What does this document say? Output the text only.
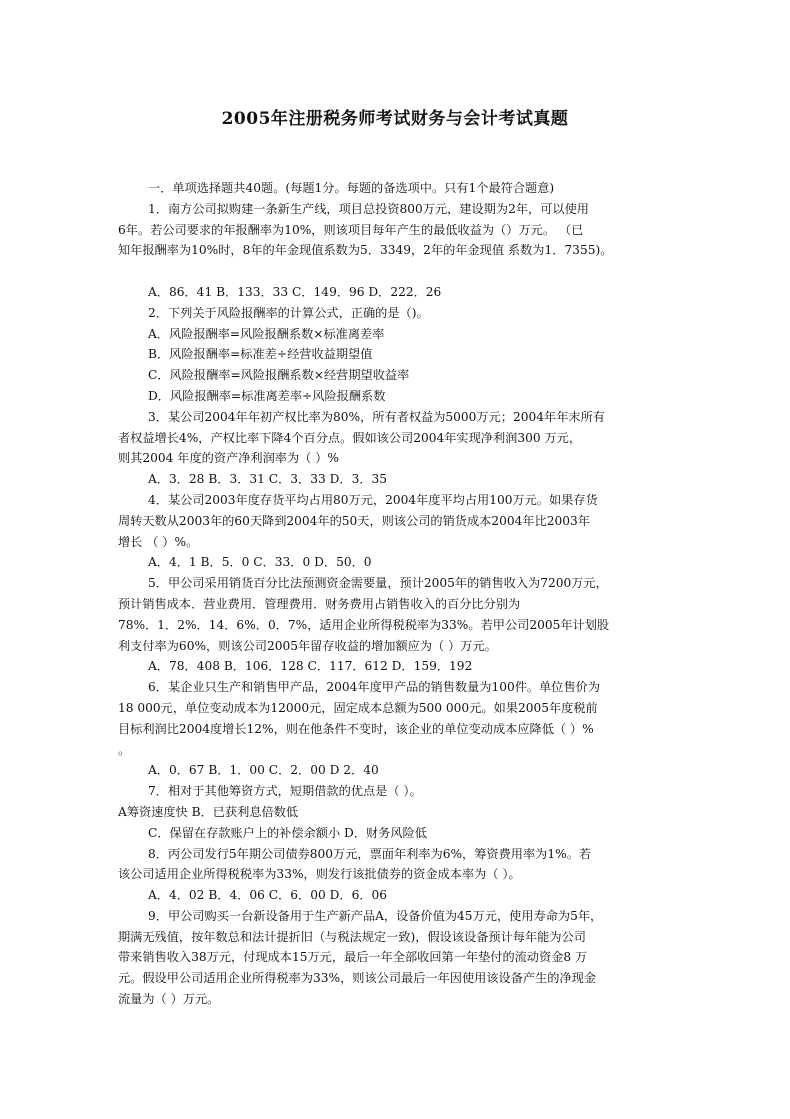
2005年注册税务师考试财务与会计考试真题
一．单项选择题共40题。(每题1分。每题的备选项中。只有1个最符合题意)
1．南方公司拟购建一条新生产线，项目总投资800万元，建设期为2年，可以使用
6年。若公司要求的年报酬率为10%，则该项目每年产生的最低收益为（）万元。 （已
知年报酬率为10%时，8年的年金现值系数为5．3349，2年的年金现值 系数为1．7355)。
A．86．41 B．133．33 C．149．96 D．222．26
2．下列关于风险报酬率的计算公式，正确的是（)。
A．风险报酬率=风险报酬系数×标准离差率
B．风险报酬率=标准差÷经营收益期望值
C．风险报酬率=风险报酬系数×经营期望收益率
D．风险报酬率=标准离差率÷风险报酬系数
3．某公司2004年年初产权比率为80%，所有者权益为5000万元；2004年年末所有
者权益增长4%，产权比率下降4个百分点。假如该公司2004年实现净利润300 万元，
则其2004 年度的资产净利润率为（ ）%
A．3．28 B．3．31 C．3．33 D．3．35
4．某公司2003年度存货平均占用80万元，2004年度平均占用100万元。如果存货
周转天数从2003年的60天降到2004年的50天，则该公司的销货成本2004年比2003年
增长 （ ）%。
A．4．1 B．5．0 C．33．0 D．50．0
5．甲公司采用销货百分比法预测资金需要量，预计2005年的销售收入为7200万元，
预计销售成本．营业费用．管理费用．财务费用占销售收入的百分比分别为
78%．1．2%．14．6%．0．7%，适用企业所得税税率为33%。若甲公司2005年计划股
利支付率为60%，则该公司2005年留存收益的增加额应为（ ）万元。
A．78．408 B．106．128 C．117．612 D．159．192
6．某企业只生产和销售甲产品，2004年度甲产品的销售数量为100件。单位售价为
18 000元，单位变动成本为12000元，固定成本总额为500 000元。如果2005年度税前
目标利润比2004度增长12%，则在他条件不变时，该企业的单位变动成本应降低（ ）%
。
A．0．67 B．1．00 C．2．00 D 2．40
7．相对于其他筹资方式，短期借款的优点是（ ）。
A筹资速度快 B．已获利息倍数低
C．保留在存款账户上的补偿余额小 D．财务风险低
8．丙公司发行5年期公司债券800万元，票面年利率为6%，筹资费用率为1%。若
该公司适用企业所得税税率为33%，则发行该批债券的资金成本率为（ ）。
A．4．02 B．4．06 C．6．00 D．6．06
9．甲公司购买一台新设备用于生产新产品A，设备价值为45万元，使用寿命为5年，
期满无残值，按年数总和法计提折旧（与税法规定一致)，假设该设备预计每年能为公司
带来销售收入38万元，付现成本15万元，最后一年全部收回第一年垫付的流动资金8 万
元。假设甲公司适用企业所得税率为33%，则该公司最后一年因使用该设备产生的净现金
流量为（ ）万元。
